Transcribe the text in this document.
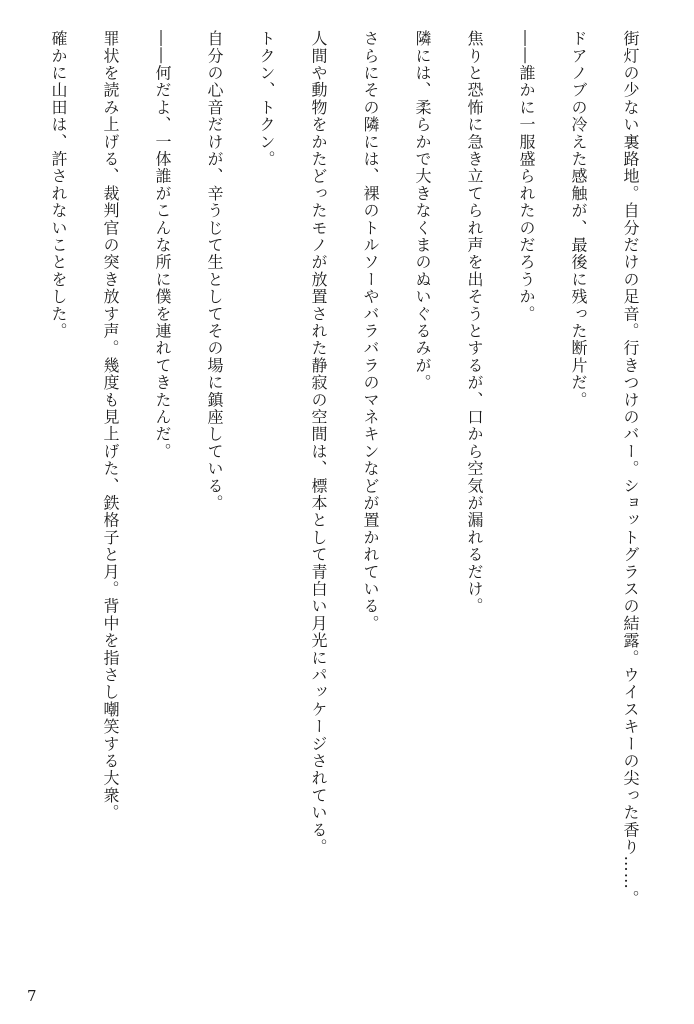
街灯の少ない裏路地。自分だけの足音。行きつけのバー。ショットグラスの結露。ウイスキーの尖った香り……。

ドアノブの冷えた感触が、最後に残った断片だ。

――誰かに一服盛られたのだろうか。

焦りと恐怖に急き立てられ声を出そうとするが、口から空気が漏れるだけ。

隣には、柔らかで大きなくまのぬいぐるみが。

さらにその隣には、裸のトルソーやバラバラのマネキンなどが置かれている。

人間や動物をかたどったモノが放置された静寂の空間は、標本として青白い月光にパッケージされている。

トクン、トクン。

自分の心音だけが、辛うじて生としてその場に鎮座している。

――何だよ、一体誰がこんな所に僕を連れてきたんだ。

罪状を読み上げる、裁判官の突き放す声。幾度も見上げた、鉄格子と月。背中を指さし嘲笑する大衆。

確かに山田は、許されないことをした。

7
